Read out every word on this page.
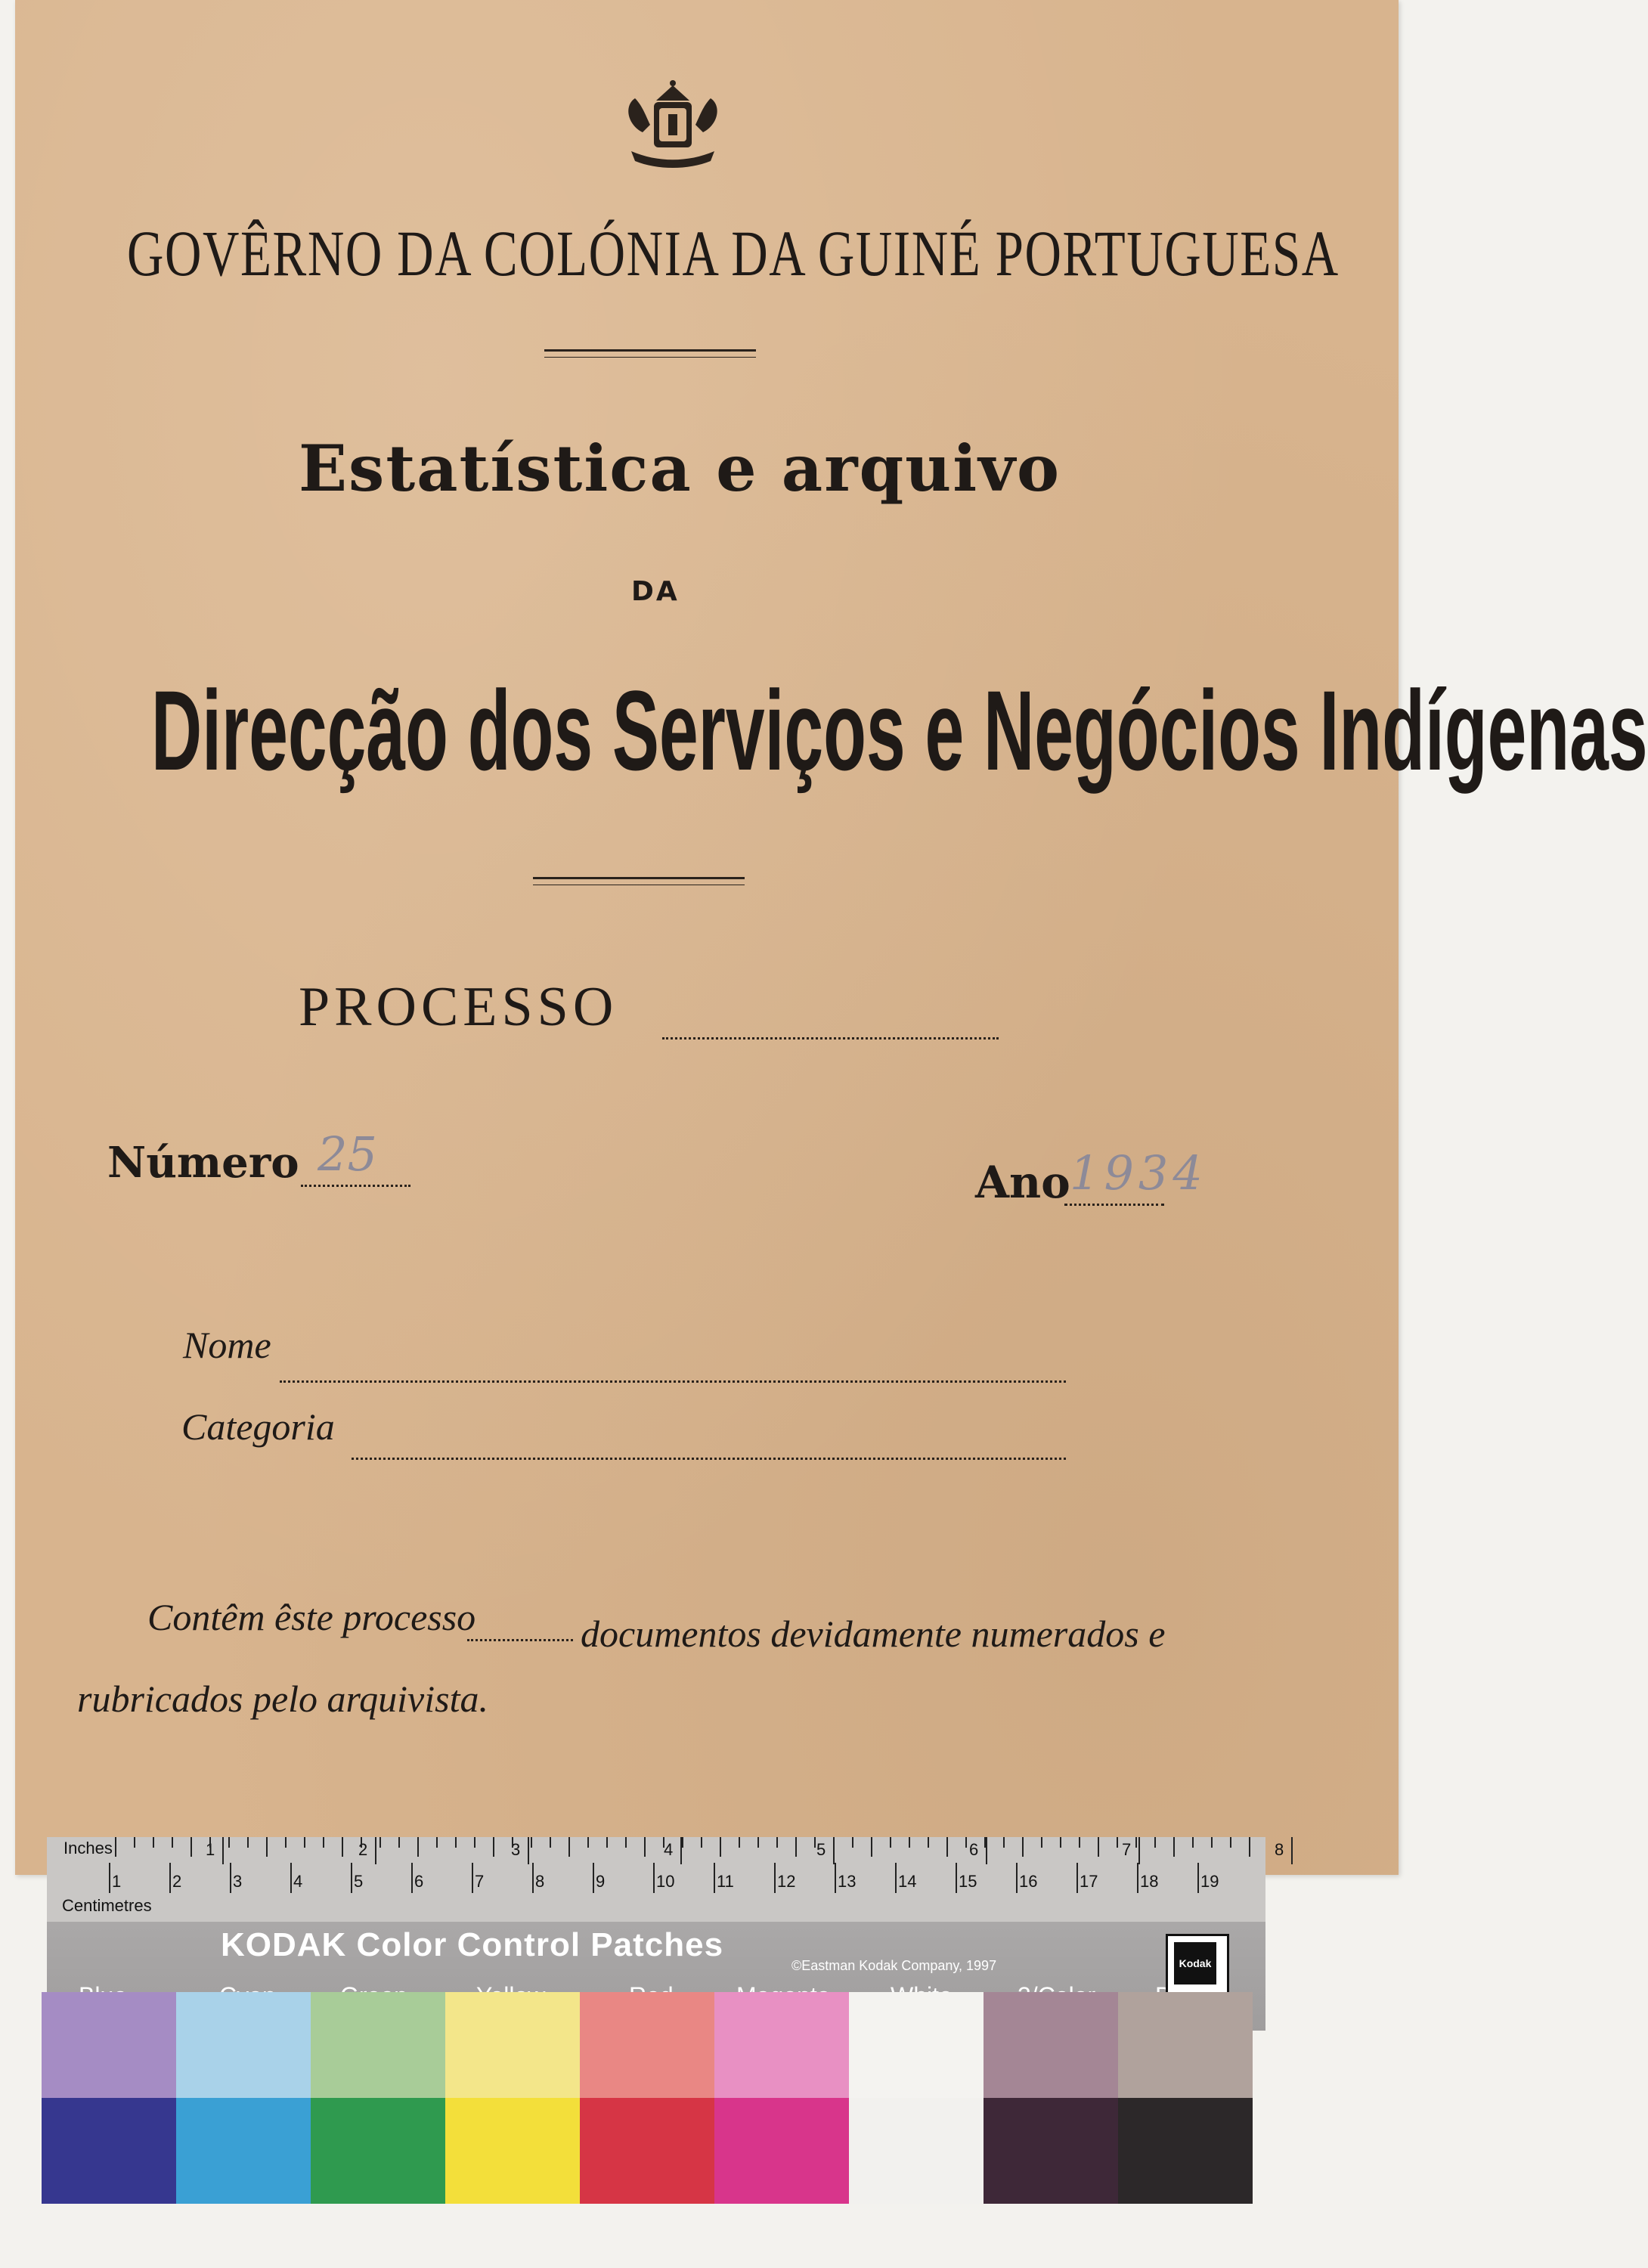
GOVÊRNO DA COLÓNIA DA GUINÉ PORTUGUESA
Estatística e arquivo
DA
Direcção dos Serviços e Negócios Indígenas
PROCESSO
Número 25
Ano 1934
Nome
Categoria
Contêm êste processo	documentos devidamente numerados e
rubricados pelo arquivista.
Inches
Centimetres
1	2	3	4	5	6	7	8
1	2	3	4	5	6	7	8	9	10	11	12	13	14	15	16	17	18	19
KODAK Color Control Patches
©Eastman Kodak Company, 1997	Kodak
